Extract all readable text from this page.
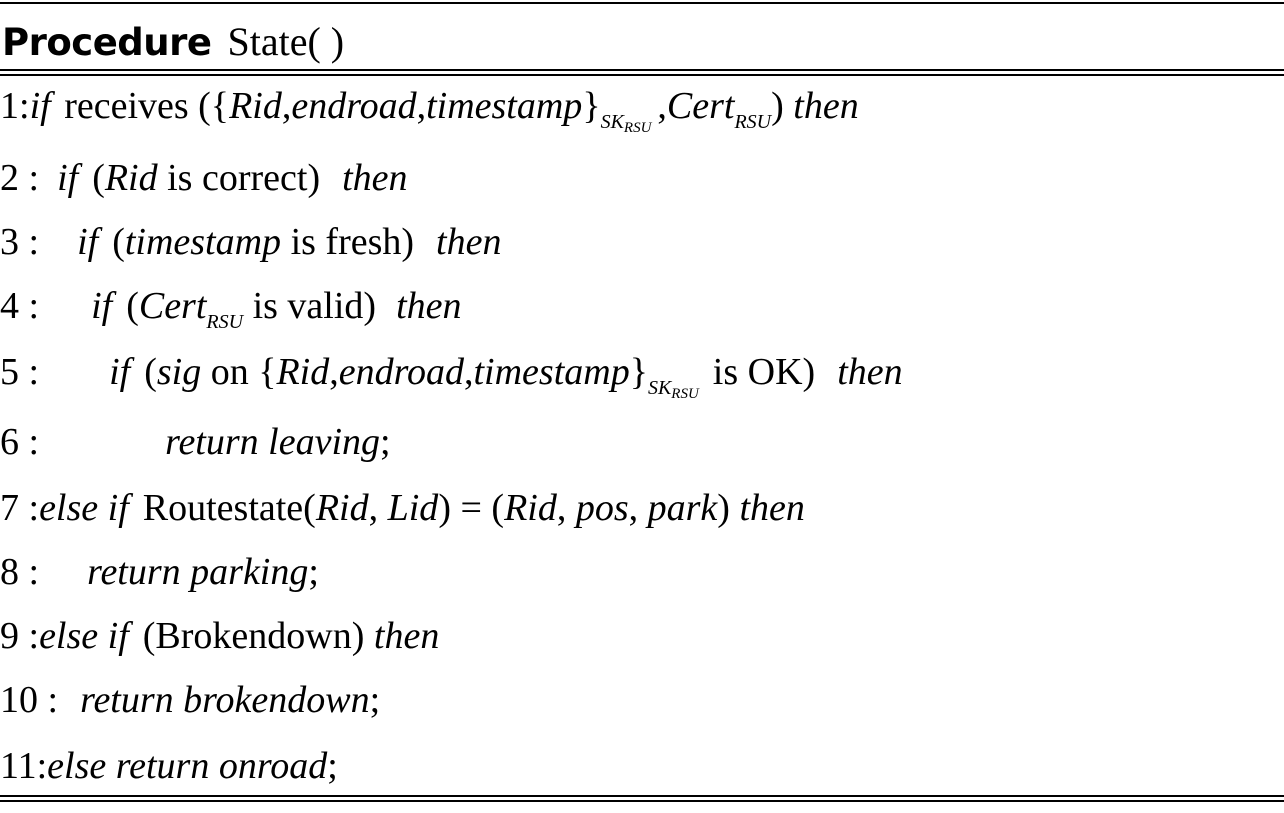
Procedure State( )
1:if receives $(\{Rid,endroad,timestamp\}_{SK_{RSU}},Cert_{RSU})$ then
2 : if (Rid is correct) then
3 : if (timestamp is fresh) then
4 : if (Cert$_{RSU}$ is valid) then
5 : if (sig on $\{Rid,endroad,timestamp\}_{SK_{RSU}}is$ OK) then
6 :	return leaving;
7 :else if Routestate(Rid, Lid) = (Rid, pos, park) then
8 : return parking;
9 :else if (Brokendown) then
10 : return brokendown;
11:else return onroad;
